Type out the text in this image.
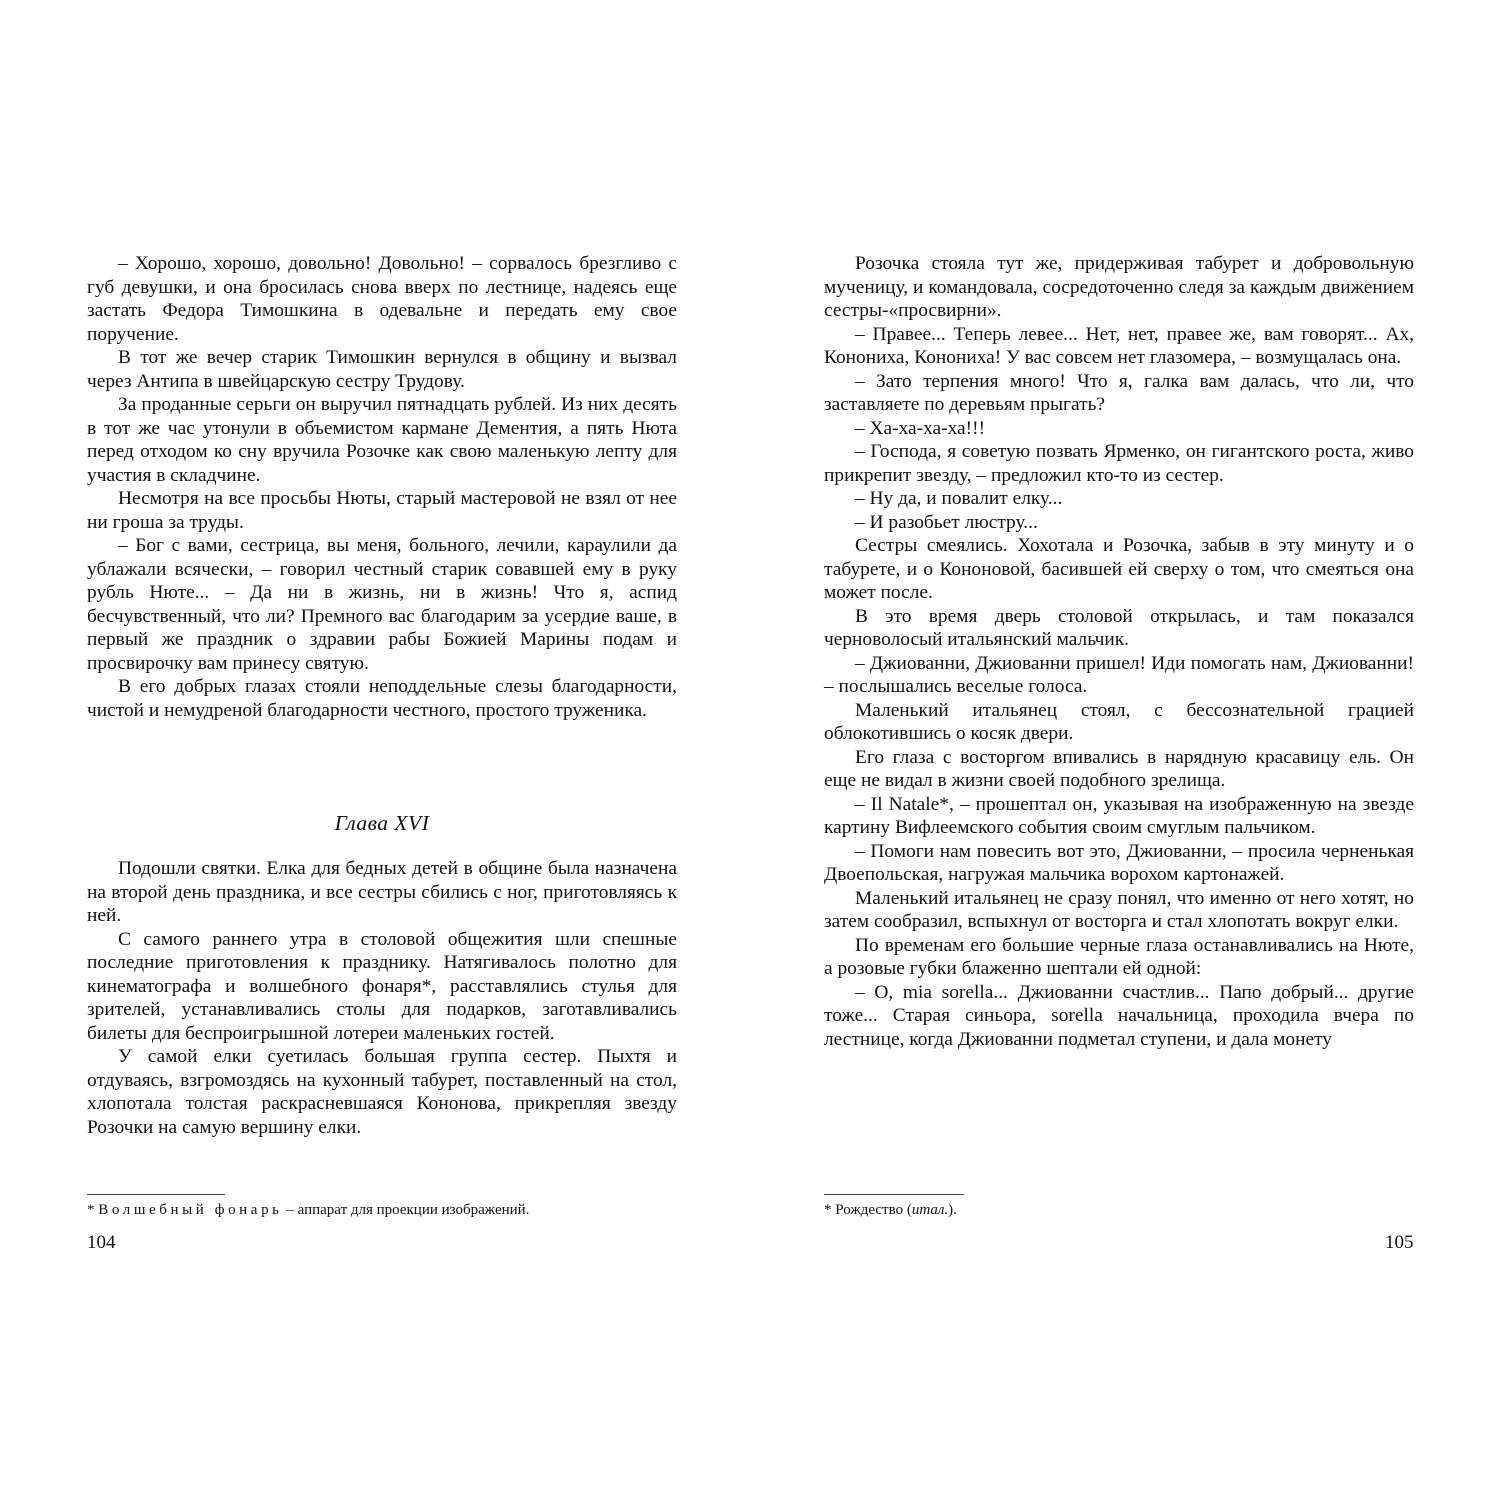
– Хорошо, хорошо, довольно! Довольно! – сорвалось брезгливо с губ девушки, и она бросилась снова вверх по лестнице, надеясь еще застать Федора Тимошкина в одевальне и передать ему свое поручение.

В тот же вечер старик Тимошкин вернулся в общину и вызвал через Антипа в швейцарскую сестру Трудову.

За проданные серьги он выручил пятнадцать рублей. Из них десять в тот же час утонули в объемистом кармане Дементия, а пять Нюта перед отходом ко сну вручила Розочке как свою маленькую лепту для участия в складчине.

Несмотря на все просьбы Нюты, старый мастеровой не взял от нее ни гроша за труды.

– Бог с вами, сестрица, вы меня, больного, лечили, караулили да ублажали всячески, – говорил честный старик совавшей ему в руку рубль Нюте... – Да ни в жизнь, ни в жизнь! Что я, аспид бесчувственный, что ли? Премного вас благодарим за усердие ваше, в первый же праздник о здравии рабы Божией Марины подам и просвирочку вам принесу святую.

В его добрых глазах стояли неподдельные слезы благодарности, чистой и немудреной благодарности честного, простого труженика.

Глава XVI

Подошли святки. Елка для бедных детей в общине была назначена на второй день праздника, и все сестры сбились с ног, приготовляясь к ней.

С самого раннего утра в столовой общежития шли спешные последние приготовления к празднику. Натягивалось полотно для кинематографа и волшебного фонаря*, расставлялись стулья для зрителей, устанавливались столы для подарков, заготавливались билеты для беспроигрышной лотереи маленьких гостей.

У самой елки суетилась большая группа сестер. Пыхтя и отдуваясь, взгромоздясь на кухонный табурет, поставленный на стол, хлопотала толстая раскрасневшаяся Кононова, прикрепляя звезду Розочки на самую вершину елки.

* Волшебный фонарь – аппарат для проекции изображений.

104

Розочка стояла тут же, придерживая табурет и добровольную мученицу, и командовала, сосредоточенно следя за каждым движением сестры-«просвирни».

– Правее... Теперь левее... Нет, нет, правее же, вам говорят... Ах, Конониха, Конониха! У вас совсем нет глазомера, – возмущалась она.

– Зато терпения много! Что я, галка вам далась, что ли, что заставляете по деревьям прыгать?

– Ха-ха-ха-ха!!!

– Господа, я советую позвать Ярменко, он гигантского роста, живо прикрепит звезду, – предложил кто-то из сестер.

– Ну да, и повалит елку...

– И разобьет люстру...

Сестры смеялись. Хохотала и Розочка, забыв в эту минуту и о табурете, и о Кононовой, басившей ей сверху о том, что смеяться она может после.

В это время дверь столовой открылась, и там показался черноволосый итальянский мальчик.

– Джиованни, Джиованни пришел! Иди помогать нам, Джиованни! – послышались веселые голоса.

Маленький итальянец стоял, с бессознательной грацией облокотившись о косяк двери.

Его глаза с восторгом впивались в нарядную красавицу ель. Он еще не видал в жизни своей подобного зрелища.

– Il Natale*, – прошептал он, указывая на изображенную на звезде картину Вифлеемского события своим смуглым пальчиком.

– Помоги нам повесить вот это, Джиованни, – просила черненькая Двоепольская, нагружая мальчика ворохом картонажей.

Маленький итальянец не сразу понял, что именно от него хотят, но затем сообразил, вспыхнул от восторга и стал хлопотать вокруг елки.

По временам его большие черные глаза останавливались на Нюте, а розовые губки блаженно шептали ей одной:

– О, mia sorella... Джиованни счастлив... Папо добрый... другие тоже... Старая синьора, sorella начальница, проходила вчера по лестнице, когда Джиованни подметал ступени, и дала монету

* Рождество (итал.).

105
